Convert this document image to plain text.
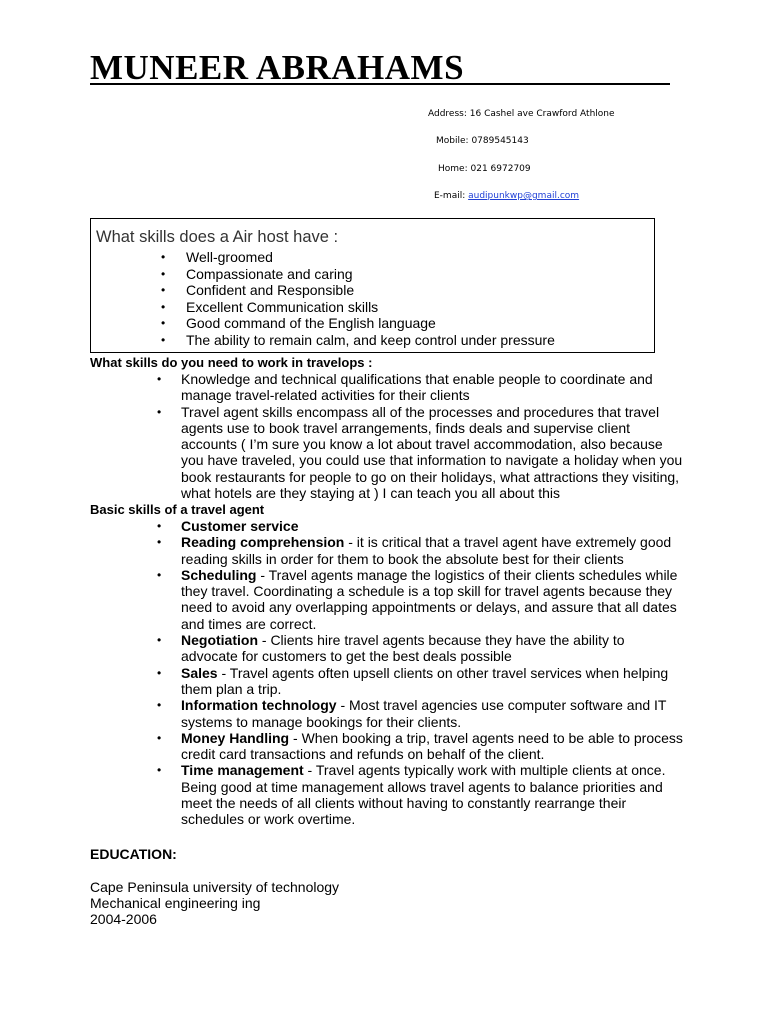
MUNEER ABRAHAMS
Address: 16 Cashel ave Crawford Athlone
Mobile: 0789545143
Home: 021 6972709
E-mail: audipunkwp@gmail.com
What skills does a Air host have :
• Well-groomed
• Compassionate and caring
• Confident and Responsible
• Excellent Communication skills
• Good command of the English language
• The ability to remain calm, and keep control under pressure
What skills do you need to work in travelops :
• Knowledge and technical qualifications that enable people to coordinate and
manage travel-related activities for their clients
• Travel agent skills encompass all of the processes and procedures that travel
agents use to book travel arrangements, finds deals and supervise client
accounts ( I’m sure you know a lot about travel accommodation, also because
you have traveled, you could use that information to navigate a holiday when you
book restaurants for people to go on their holidays, what attractions they visiting,
what hotels are they staying at ) I can teach you all about this
Basic skills of a travel agent
• Customer service
• Reading comprehension - it is critical that a travel agent have extremely good
reading skills in order for them to book the absolute best for their clients
• Scheduling - Travel agents manage the logistics of their clients schedules while
they travel. Coordinating a schedule is a top skill for travel agents because they
need to avoid any overlapping appointments or delays, and assure that all dates
and times are correct.
• Negotiation - Clients hire travel agents because they have the ability to
advocate for customers to get the best deals possible
• Sales - Travel agents often upsell clients on other travel services when helping
them plan a trip.
• Information technology - Most travel agencies use computer software and IT
systems to manage bookings for their clients.
• Money Handling - When booking a trip, travel agents need to be able to process
credit card transactions and refunds on behalf of the client.
• Time management - Travel agents typically work with multiple clients at once.
Being good at time management allows travel agents to balance priorities and
meet the needs of all clients without having to constantly rearrange their
schedules or work overtime.
EDUCATION:
Cape Peninsula university of technology
Mechanical engineering ing
2004-2006
